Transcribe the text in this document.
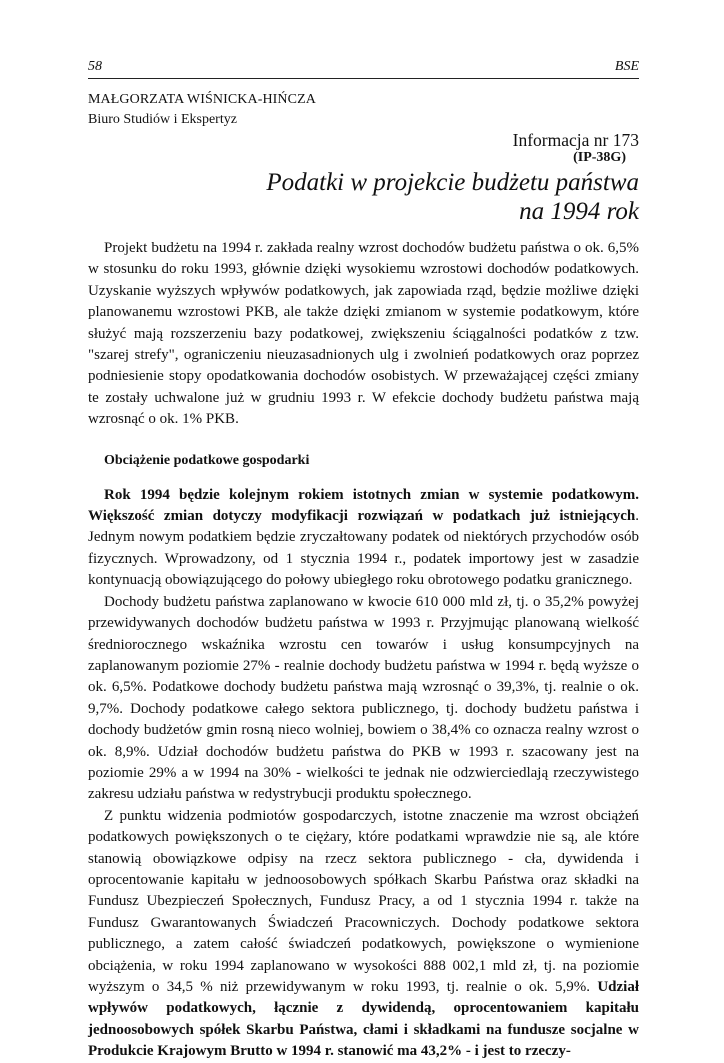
58	BSE
MAŁGORZATA WIŚNICKA-HIŃCZA
Biuro Studiów i Ekspertyz
Informacja nr 173
(IP-38G)
Podatki w projekcie budżetu państwa
na 1994 rok

Projekt budżetu na 1994 r. zakłada realny wzrost dochodów budżetu państwa o ok. 6,5% w stosunku do roku 1993, głównie dzięki wysokiemu wzrostowi dochodów podatkowych. Uzyskanie wyższych wpływów podatkowych, jak zapowiada rząd, będzie możliwe dzięki planowanemu wzrostowi PKB, ale także dzięki zmianom w systemie podatkowym, które służyć mają rozszerzeniu bazy podatkowej, zwiększeniu ściągalności podatków z tzw. "szarej strefy", ograniczeniu nieuzasadnionych ulg i zwolnień podatkowych oraz poprzez podniesienie stopy opodatkowania dochodów osobistych. W przeważającej części zmiany te zostały uchwalone już w grudniu 1993 r. W efekcie dochody budżetu państwa mają wzrosnąć o ok. 1% PKB.

Obciążenie podatkowe gospodarki

Rok 1994 będzie kolejnym rokiem istotnych zmian w systemie podatkowym. Większość zmian dotyczy modyfikacji rozwiązań w podatkach już istniejących. Jednym nowym podatkiem będzie zryczałtowany podatek od niektórych przychodów osób fizycznych. Wprowadzony, od 1 stycznia 1994 r., podatek importowy jest w zasadzie kontynuacją obowiązującego do połowy ubiegłego roku obrotowego podatku granicznego.

Dochody budżetu państwa zaplanowano w kwocie 610 000 mld zł, tj. o 35,2% powyżej przewidywanych dochodów budżetu państwa w 1993 r. Przyjmując planowaną wielkość średniorocznego wskaźnika wzrostu cen towarów i usług konsumpcyjnych na zaplanowanym poziomie 27% - realnie dochody budżetu państwa w 1994 r. będą wyższe o ok. 6,5%. Podatkowe dochody budżetu państwa mają wzrosnąć o 39,3%, tj. realnie o ok. 9,7%. Dochody podatkowe całego sektora publicznego, tj. dochody budżetu państwa i dochody budżetów gmin rosną nieco wolniej, bowiem o 38,4% co oznacza realny wzrost o ok. 8,9%. Udział dochodów budżetu państwa do PKB w 1993 r. szacowany jest na poziomie 29% a w 1994 na 30% - wielkości te jednak nie odzwierciedlają rzeczywistego zakresu udziału państwa w redystrybucji produktu społecznego.

Z punktu widzenia podmiotów gospodarczych, istotne znaczenie ma wzrost obciążeń podatkowych powiększonych o te ciężary, które podatkami wprawdzie nie są, ale które stanowią obowiązkowe odpisy na rzecz sektora publicznego - cła, dywidenda i oprocentowanie kapitału w jednoosobowych spółkach Skarbu Państwa oraz składki na Fundusz Ubezpieczeń Społecznych, Fundusz Pracy, a od 1 stycznia 1994 r. także na Fundusz Gwarantowanych Świadczeń Pracowniczych. Dochody podatkowe sektora publicznego, a zatem całość świadczeń podatkowych, powiększone o wymienione obciążenia, w roku 1994 zaplanowano w wysokości 888 002,1 mld zł, tj. na poziomie wyższym o 34,5 % niż przewidywanym w roku 1993, tj. realnie o ok. 5,9%. Udział wpływów podatkowych, łącznie z dywidendą, oprocentowaniem kapitału jednoosobowych spółek Skarbu Państwa, cłami i składkami na fundusze socjalne w Produkcie Krajowym Brutto w 1994 r. stanowić ma 43,2% - i jest to rzeczy-
